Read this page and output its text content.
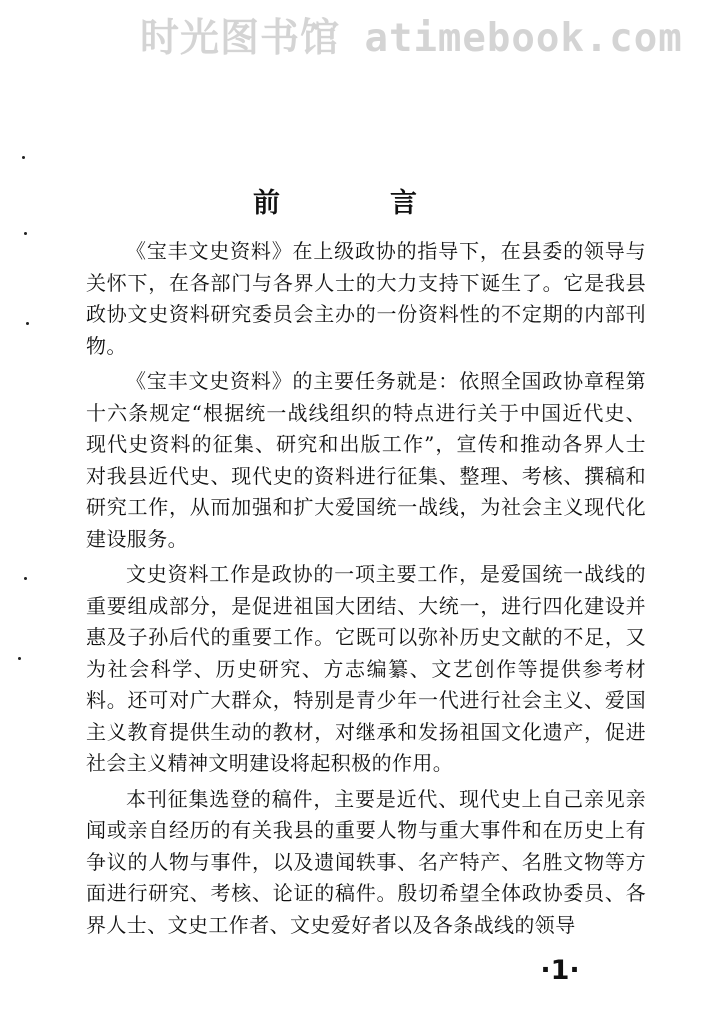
时光图书馆 atimebook.com
前言

《宝丰文史资料》在上级政协的指导下，在县委的领导与关怀下，在各部门与各界人士的大力支持下诞生了。它是我县政协文史资料研究委员会主办的一份资料性的不定期的内部刊物。

《宝丰文史资料》的主要任务就是：依照全国政协章程第十六条规定“根据统一战线组织的特点进行关于中国近代史、现代史资料的征集、研究和出版工作”，宣传和推动各界人士对我县近代史、现代史的资料进行征集、整理、考核、撰稿和研究工作，从而加强和扩大爱国统一战线，为社会主义现代化建设服务。

文史资料工作是政协的一项主要工作，是爱国统一战线的重要组成部分，是促进祖国大团结、大统一，进行四化建设并惠及子孙后代的重要工作。它既可以弥补历史文献的不足，又为社会科学、历史研究、方志编纂、文艺创作等提供参考材料。还可对广大群众，特别是青少年一代进行社会主义、爱国主义教育提供生动的教材，对继承和发扬祖国文化遗产，促进社会主义精神文明建设将起积极的作用。

本刊征集选登的稿件，主要是近代、现代史上自己亲见亲闻或亲自经历的有关我县的重要人物与重大事件和在历史上有争议的人物与事件，以及遗闻轶事、名产特产、名胜文物等方面进行研究、考核、论证的稿件。殷切希望全体政协委员、各界人士、文史工作者、文史爱好者以及各条战线的领导

·1·
